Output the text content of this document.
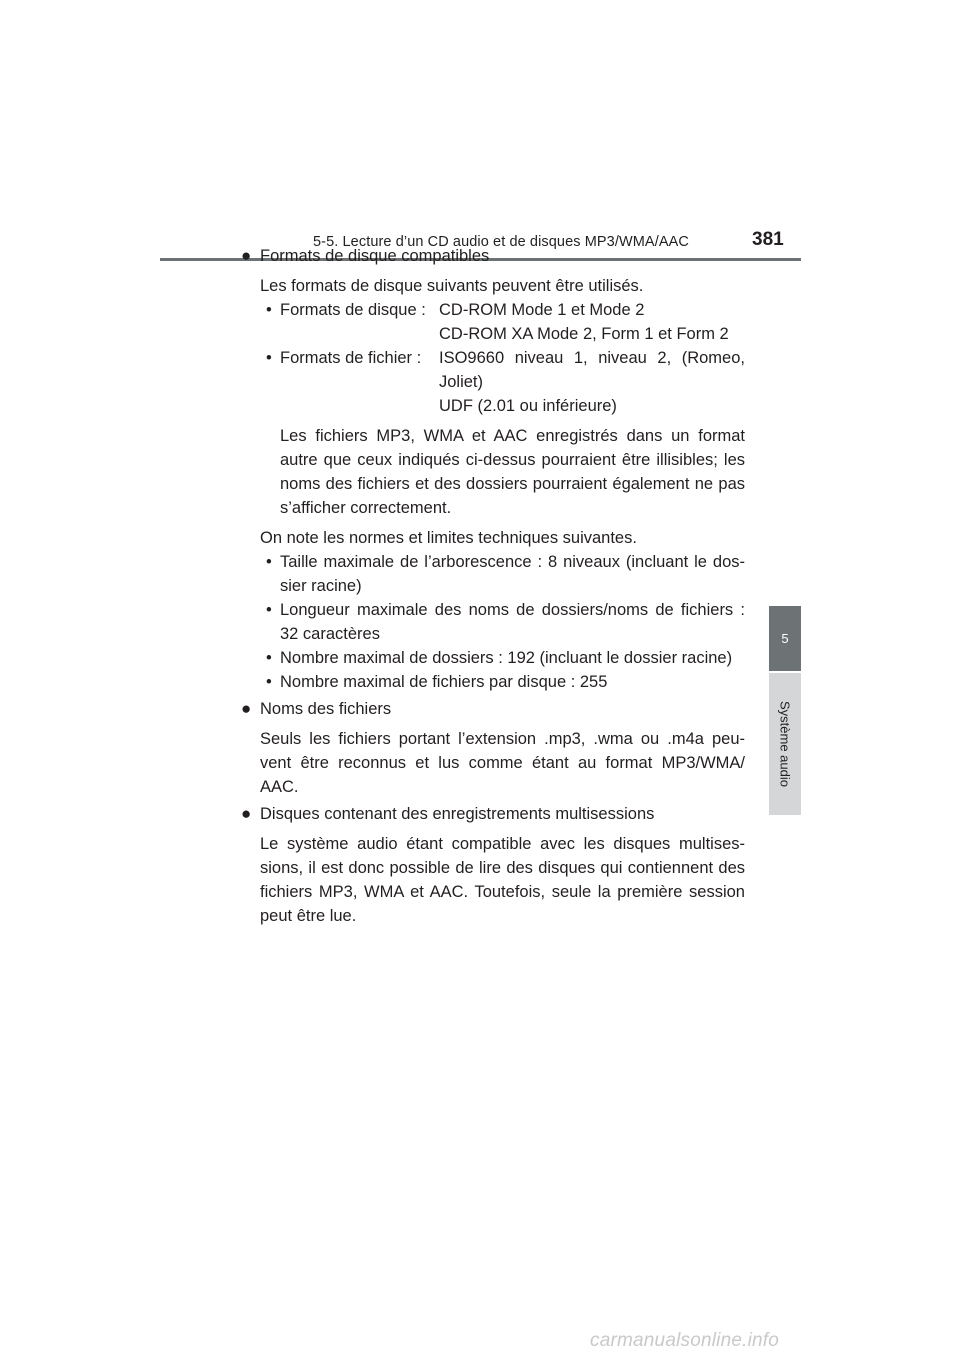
5-5. Lecture d’un CD audio et de disques MP3/WMA/AAC	381
5
Système audio
● Formats de disque compatibles
Les formats de disque suivants peuvent être utilisés.
• Formats de disque : CD-ROM Mode 1 et Mode 2
CD-ROM XA Mode 2, Form 1 et Form 2
• Formats de fichier :	ISO9660 niveau 1, niveau 2, (Romeo, Joliet)
UDF (2.01 ou inférieure)
Les fichiers MP3, WMA et AAC enregistrés dans un format autre que ceux indiqués ci-dessus pourraient être illisibles; les noms des fichiers et des dossiers pourraient également ne pas s’afficher correctement.
On note les normes et limites techniques suivantes.
• Taille maximale de l’arborescence : 8 niveaux (incluant le dos-sier racine)
• Longueur maximale des noms de dossiers/noms de fichiers : 32 caractères
• Nombre maximal de dossiers : 192 (incluant le dossier racine)
• Nombre maximal de fichiers par disque : 255
● Noms des fichiers
Seuls les fichiers portant l’extension .mp3, .wma ou .m4a peu-vent être reconnus et lus comme étant au format MP3/WMA/ AAC.
● Disques contenant des enregistrements multisessions
Le système audio étant compatible avec les disques multises-sions, il est donc possible de lire des disques qui contiennent des fichiers MP3, WMA et AAC. Toutefois, seule la première session peut être lue.
carmanualsonline.info
